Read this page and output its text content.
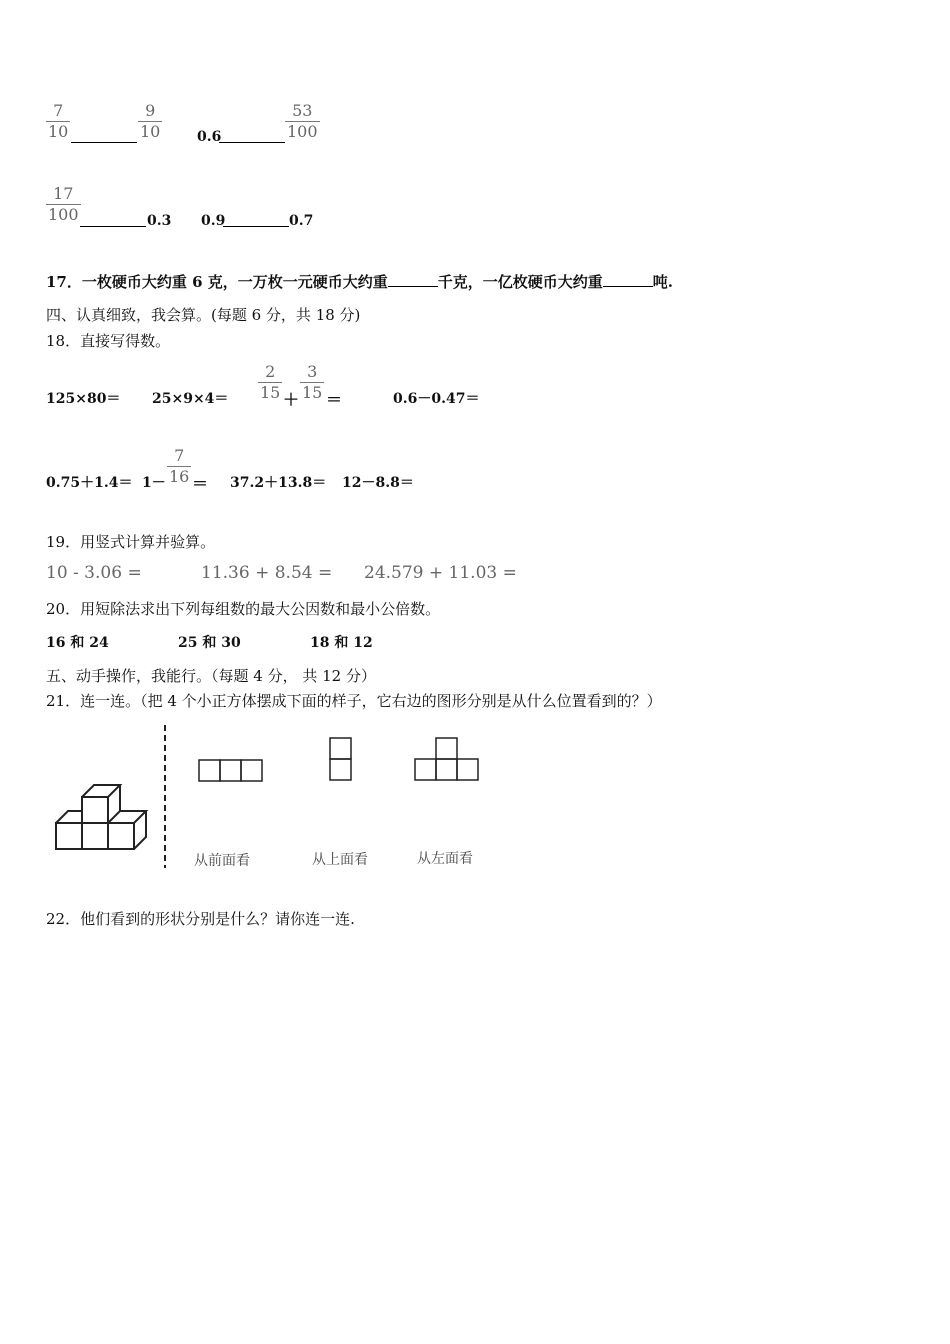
$\frac{7}{10}$	$\frac{9}{10} 0.6$	$\frac{53}{100}$
$\frac{17}{100}$	0.3 0.9	0.7
17．一枚硬币大约重 6 克，一万枚一元硬币大约重	千克，一亿枚硬币大约重	吨.
四、认真细致，我会算。(每题 6 分，共 18 分)
18．直接写得数。
$125\times 80= 25\times 9\times 4= \frac{2}{15} + \frac{3}{15}$ ＝	0.6－0.47＝
$0.75+1.4= 1- \frac{7}{16} = 37.2+13.8= 12-8.8=$
19．用竖式计算并验算。
10 - 3.06 =	11.36 + 8.54 = 24.579 + 11.03 =
20．用短除法求出下列每组数的最大公因数和最小公倍数。
16 和 24	25 和 30	18 和 12
五、动手操作，我能行。（每题 4 分， 共 12 分）
21．连一连。（把 4 个小正方体摆成下面的样子，它右边的图形分别是从什么位置看到的？）
从前面看	从上面看	从左面看
22．他们看到的形状分别是什么？请你连一连.
